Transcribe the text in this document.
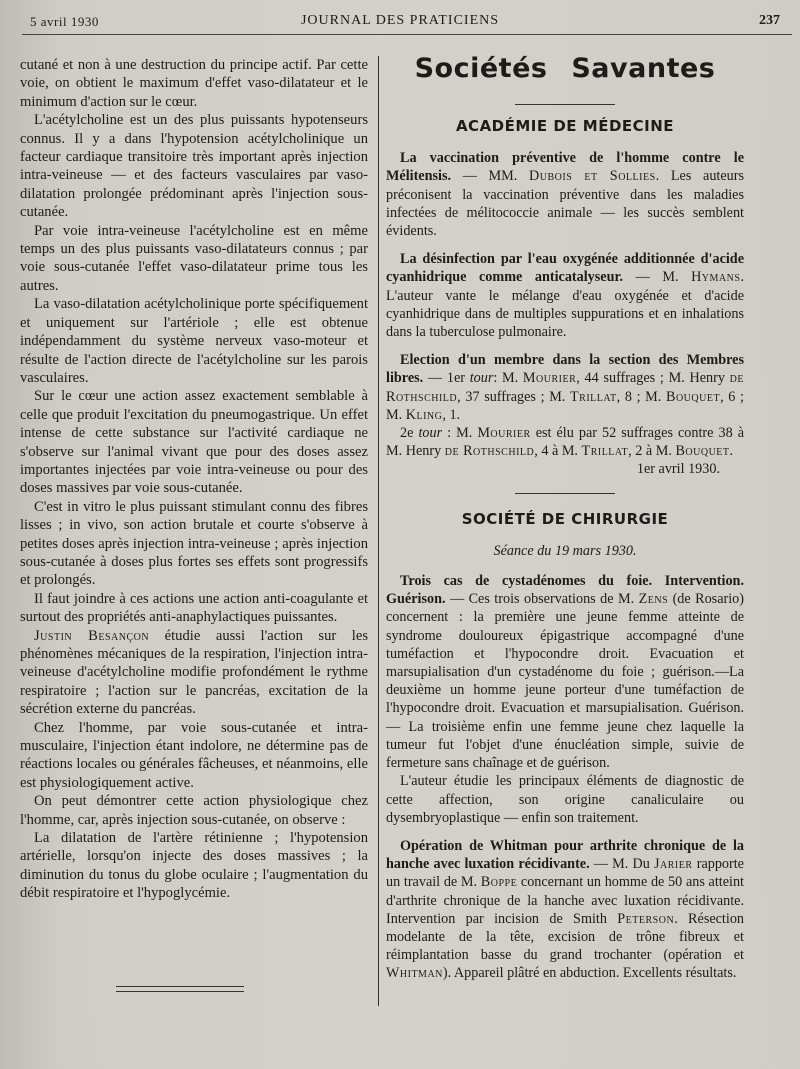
5 avril 1930	JOURNAL DES PRATICIENS	237

cutané et non à une destruction du principe actif. Par cette voie, on obtient le maximum d'effet vaso-dilatateur et le minimum d'action sur le cœur.

L'acétylcholine est un des plus puissants hypotenseurs connus. Il y a dans l'hypotension acétylcholinique un facteur cardiaque transitoire très important après injection intra-veineuse — et des facteurs vasculaires par vaso-dilatation prolongée prédominant après l'injection sous-cutanée.

Par voie intra-veineuse l'acétylcholine est en même temps un des plus puissants vaso-dilatateurs connus ; par voie sous-cutanée l'effet vaso-dilatateur prime tous les autres.

La vaso-dilatation acétylcholinique porte spécifiquement et uniquement sur l'artériole ; elle est obtenue indépendamment du système nerveux vaso-moteur et résulte de l'action directe de l'acétylcholine sur les parois vasculaires.

Sur le cœur une action assez exactement semblable à celle que produit l'excitation du pneumogastrique. Un effet intense de cette substance sur l'activité cardiaque ne s'observe sur l'animal vivant que pour des doses assez importantes injectées par voie intra-veineuse ou pour des doses massives par voie sous-cutanée.

C'est in vitro le plus puissant stimulant connu des fibres lisses ; in vivo, son action brutale et courte s'observe à petites doses après injection intra-veineuse ; après injection sous-cutanée à doses plus fortes ses effets sont progressifs et prolongés.

Il faut joindre à ces actions une action anti-coagulante et surtout des propriétés anti-anaphylactiques puissantes.

Justin Besançon étudie aussi l'action sur les phénomènes mécaniques de la respiration, l'injection intra-veineuse d'acétylcholine modifie profondément le rythme respiratoire ; l'action sur le pancréas, excitation de la sécrétion externe du pancréas.

Chez l'homme, par voie sous-cutanée et intra-musculaire, l'injection étant indolore, ne détermine pas de réactions locales ou générales fâcheuses, et néanmoins, elle est physiologiquement active.

On peut démontrer cette action physiologique chez l'homme, car, après injection sous-cutanée, on observe :

La dilatation de l'artère rétinienne ; l'hypotension artérielle, lorsqu'on injecte des doses massives ; la diminution du tonus du globe oculaire ; l'augmentation du débit respiratoire et l'hypoglycémie.

Sociétés Savantes
ACADÉMIE DE MÉDECINE

La vaccination préventive de l'homme contre le Mélitensis. — MM. Dubois et Sollies. Les auteurs préconisent la vaccination préventive dans les maladies infectées de mélitococcie animale — les succès semblent évidents.

La désinfection par l'eau oxygénée additionnée d'acide cyanhidrique comme anticatalyseur. — M. Hymans. L'auteur vante le mélange d'eau oxygénée et d'acide cyanhidrique dans de multiples suppurations et en inhalations dans la tuberculose pulmonaire.

Election d'un membre dans la section des Membres libres. — 1er tour: M. Mourier, 44 suffrages ; M. Henry de Rothschild, 37 suffrages ; M. Trillat, 8 ; M. Bouquet, 6 ; M. Kling, 1.

2e tour : M. Mourier est élu par 52 suffrages contre 38 à M. Henry de Rothschild, 4 à M. Trillat, 2 à M. Bouquet.

1er avril 1930.
SOCIÉTÉ DE CHIRURGIE
Séance du 19 mars 1930.

Trois cas de cystadénomes du foie. Intervention. Guérison. — Ces trois observations de M. Zens (de Rosario) concernent : la première une jeune femme atteinte de syndrome douloureux épigastrique accompagné d'une tuméfaction et l'hypocondre droit. Evacuation et marsupialisation d'un cystadénome du foie ; guérison.—La deuxième un homme jeune porteur d'une tuméfaction de l'hypocondre droit. Evacuation et marsupialisation. Guérison. — La troisième enfin une femme jeune chez laquelle la tumeur fut l'objet d'une énucléation simple, suivie de fermeture sans chaînage et de guérison.

L'auteur étudie les principaux éléments de diagnostic de cette affection, son origine canaliculaire ou dysembryoplastique — enfin son traitement.

Opération de Whitman pour arthrite chronique de la hanche avec luxation récidivante. — M. Du Jarier rapporte un travail de M. Boppe concernant un homme de 50 ans atteint d'arthrite chronique de la hanche avec luxation récidivante. Intervention par incision de Smith Peterson. Résection modelante de la tête, excision de trône fibreux et réimplantation basse du grand trochanter (opération et Whitman). Appareil plâtré en abduction. Excellents résultats.
